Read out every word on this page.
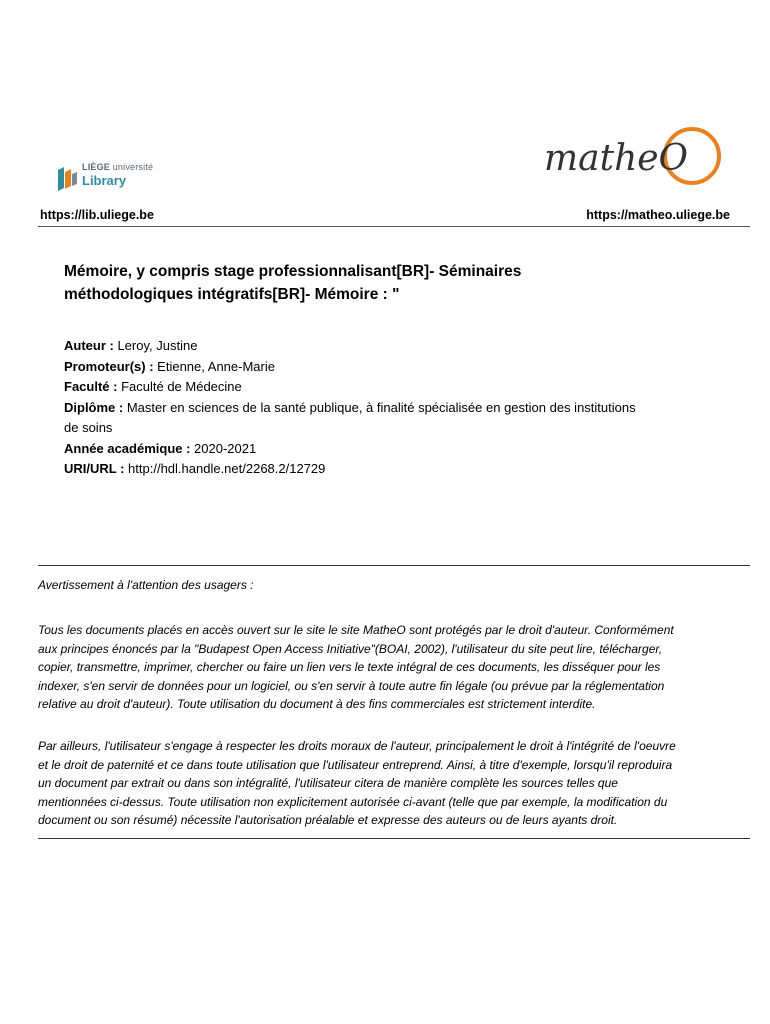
LIÈGE université
Library
matheO
https://lib.uliege.be	https://matheo.uliege.be
Mémoire, y compris stage professionnalisant[BR]- Séminaires
méthodologiques intégratifs[BR]- Mémoire : "
Auteur : Leroy, Justine
Promoteur(s) : Etienne, Anne-Marie
Faculté : Faculté de Médecine
Diplôme : Master en sciences de la santé publique, à finalité spécialisée en gestion des institutions
de soins
Année académique : 2020-2021
URI/URL : http://hdl.handle.net/2268.2/12729
Avertissement à l'attention des usagers :
Tous les documents placés en accès ouvert sur le site le site MatheO sont protégés par le droit d'auteur. Conformément
aux principes énoncés par la "Budapest Open Access Initiative"(BOAI, 2002), l'utilisateur du site peut lire, télécharger,
copier, transmettre, imprimer, chercher ou faire un lien vers le texte intégral de ces documents, les disséquer pour les
indexer, s'en servir de données pour un logiciel, ou s'en servir à toute autre fin légale (ou prévue par la réglementation
relative au droit d'auteur). Toute utilisation du document à des fins commerciales est strictement interdite.
Par ailleurs, l'utilisateur s'engage à respecter les droits moraux de l'auteur, principalement le droit à l'intégrité de l'oeuvre
et le droit de paternité et ce dans toute utilisation que l'utilisateur entreprend. Ainsi, à titre d'exemple, lorsqu'il reproduira
un document par extrait ou dans son intégralité, l'utilisateur citera de manière complète les sources telles que
mentionnées ci-dessus. Toute utilisation non explicitement autorisée ci-avant (telle que par exemple, la modification du
document ou son résumé) nécessite l'autorisation préalable et expresse des auteurs ou de leurs ayants droit.
